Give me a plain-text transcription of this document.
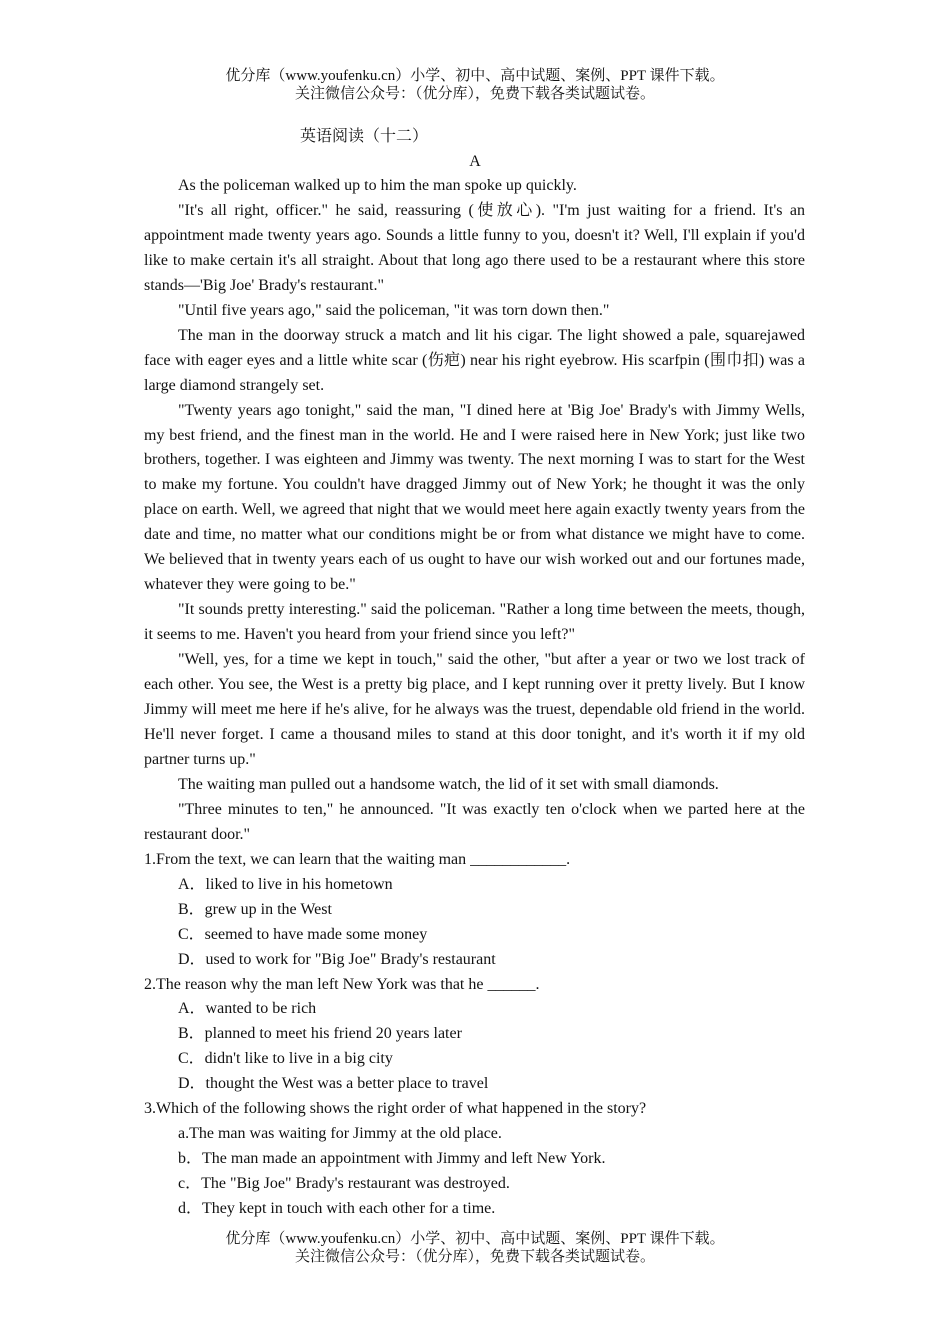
优分库（www.youfenku.cn）小学、初中、高中试题、案例、PPT 课件下载。
关注微信公众号：（优分库），免费下载各类试题试卷。
英语阅读（十二）
A

As the policeman walked up to him the man spoke up quickly.

"It's all right, officer." he said, reassuring (使放心). "I'm just waiting for a friend. It's an appointment made twenty years ago. Sounds a little funny to you, doesn't it? Well, I'll explain if you'd like to make certain it's all straight. About that long ago there used to be a restaurant where this store stands—'Big Joe' Brady's restaurant."

"Until five years ago," said the policeman, "it was torn down then."

The man in the doorway struck a match and lit his cigar. The light showed a pale, squarejawed face with eager eyes and a little white scar (伤疤) near his right eyebrow. His scarfpin (围巾扣) was a large diamond strangely set.

"Twenty years ago tonight," said the man, "I dined here at 'Big Joe' Brady's with Jimmy Wells, my best friend, and the finest man in the world. He and I were raised here in New York; just like two brothers, together. I was eighteen and Jimmy was twenty. The next morning I was to start for the West to make my fortune. You couldn't have dragged Jimmy out of New York; he thought it was the only place on earth. Well, we agreed that night that we would meet here again exactly twenty years from the date and time, no matter what our conditions might be or from what distance we might have to come. We believed that in twenty years each of us ought to have our wish worked out and our fortunes made, whatever they were going to be."

"It sounds pretty interesting." said the policeman. "Rather a long time between the meets, though, it seems to me. Haven't you heard from your friend since you left?"

"Well, yes, for a time we kept in touch," said the other, "but after a year or two we lost track of each other. You see, the West is a pretty big place, and I kept running over it pretty lively. But I know Jimmy will meet me here if he's alive, for he always was the truest, dependable old friend in the world. He'll never forget. I came a thousand miles to stand at this door tonight, and it's worth it if my old partner turns up."

The waiting man pulled out a handsome watch, the lid of it set with small diamonds.

"Three minutes to ten," he announced. "It was exactly ten o'clock when we parted here at the restaurant door."

1.From the text, we can learn that the waiting man ____________.
A．liked to live in his hometown
B．grew up in the West
C．seemed to have made some money
D．used to work for "Big Joe" Brady's restaurant
2.The reason why the man left New York was that he ______.
A．wanted to be rich
B．planned to meet his friend 20 years later
C．didn't like to live in a big city
D．thought the West was a better place to travel
3.Which of the following shows the right order of what happened in the story?
a.The man was waiting for Jimmy at the old place.
b．The man made an appointment with Jimmy and left New York.
c．The "Big Joe" Brady's restaurant was destroyed.
d．They kept in touch with each other for a time.
优分库（www.youfenku.cn）小学、初中、高中试题、案例、PPT 课件下载。
关注微信公众号：（优分库），免费下载各类试题试卷。
